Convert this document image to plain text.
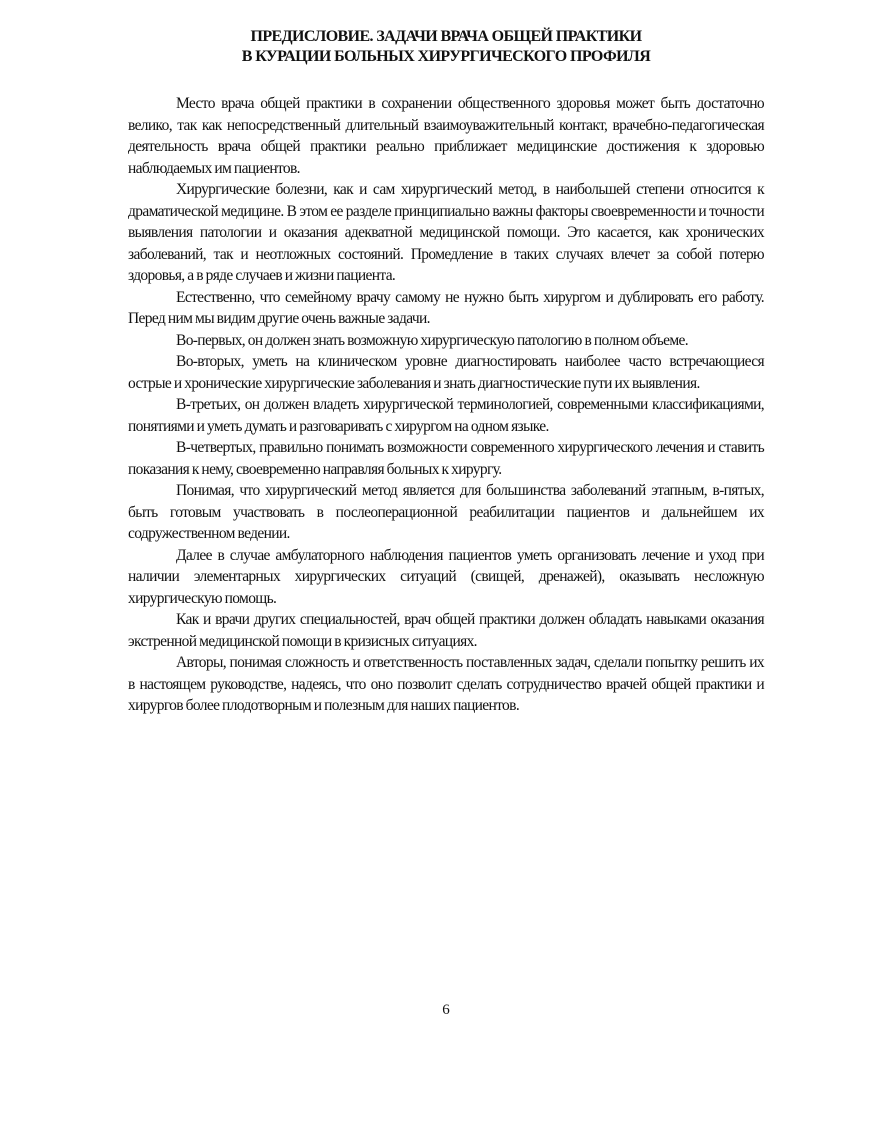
ПРЕДИСЛОВИЕ. ЗАДАЧИ ВРАЧА ОБЩЕЙ ПРАКТИКИ
В КУРАЦИИ БОЛЬНЫХ ХИРУРГИЧЕСКОГО ПРОФИЛЯ

Место врача общей практики в сохранении общественного здоровья может быть достаточно велико, так как непосредственный длительный взаимоуважительный контакт, врачебно-педагогическая деятельность врача общей практики реально приближает медицинские достижения к здоровью наблюдаемых им пациентов.

Хирургические болезни, как и сам хирургический метод, в наибольшей степени относится к драматической медицине. В этом ее разделе принципиально важны факторы своевременности и точности выявления патологии и оказания адекватной медицинской помощи. Это касается, как хронических заболеваний, так и неотложных состояний. Промедление в таких случаях влечет за собой потерю здоровья, а в ряде случаев и жизни пациента.

Естественно, что семейному врачу самому не нужно быть хирургом и дублировать его работу. Перед ним мы видим другие очень важные задачи.

Во-первых, он должен знать возможную хирургическую патологию в полном объеме.

Во-вторых, уметь на клиническом уровне диагностировать наиболее часто встречающиеся острые и хронические хирургические заболевания и знать диагностические пути их выявления.

В-третьих, он должен владеть хирургической терминологией, современными классификациями, понятиями и уметь думать и разговаривать с хирургом на одном языке.

В-четвертых, правильно понимать возможности современного хирургического лечения и ставить показания к нему, своевременно направляя больных к хирургу.

Понимая, что хирургический метод является для большинства заболеваний этапным, в-пятых, быть готовым участвовать в послеоперационной реабилитации пациентов и дальнейшем их содружественном ведении.

Далее в случае амбулаторного наблюдения пациентов уметь организовать лечение и уход при наличии элементарных хирургических ситуаций (свищей, дренажей), оказывать несложную хирургическую помощь.

Как и врачи других специальностей, врач общей практики должен обладать навыками оказания экстренной медицинской помощи в кризисных ситуациях.

Авторы, понимая сложность и ответственность поставленных задач, сделали попытку решить их в настоящем руководстве, надеясь, что оно позволит сделать сотрудничество врачей общей практики и хирургов более плодотворным и полезным для наших пациентов.

6
